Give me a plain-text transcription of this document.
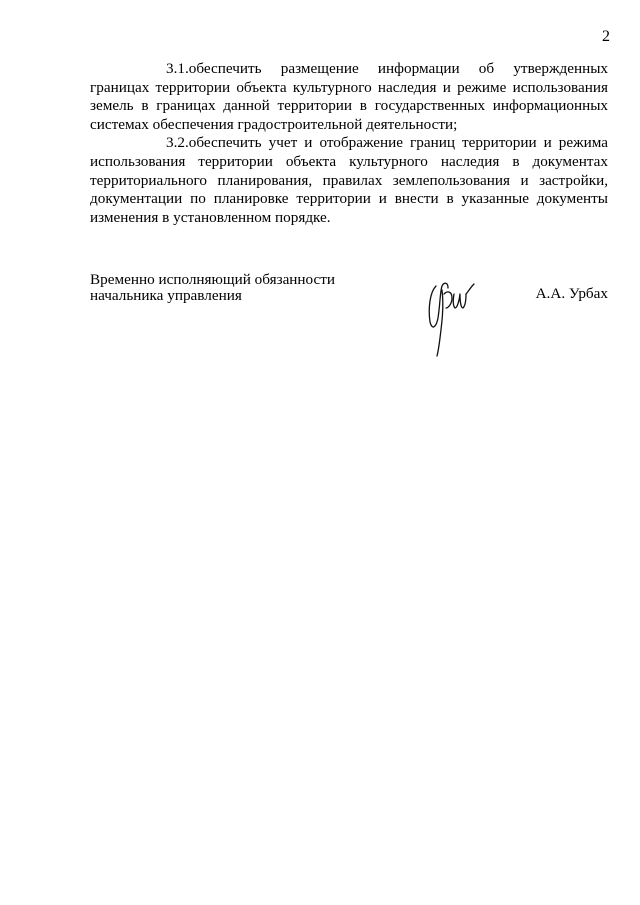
2

3.1.обеспечить размещение информации об утвержденных границах территории объекта культурного наследия и режиме использования земель в границах данной территории в государственных информационных системах обеспечения градостроительной деятельности;

3.2.обеспечить учет и отображение границ территории и режима использования территории объекта культурного наследия в документах территориального планирования, правилах землепользования и застройки, документации по планировке территории и внести в указанные документы изменения в установленном порядке.

Временно исполняющий обязанности
начальника управления	А.А. Урбах
